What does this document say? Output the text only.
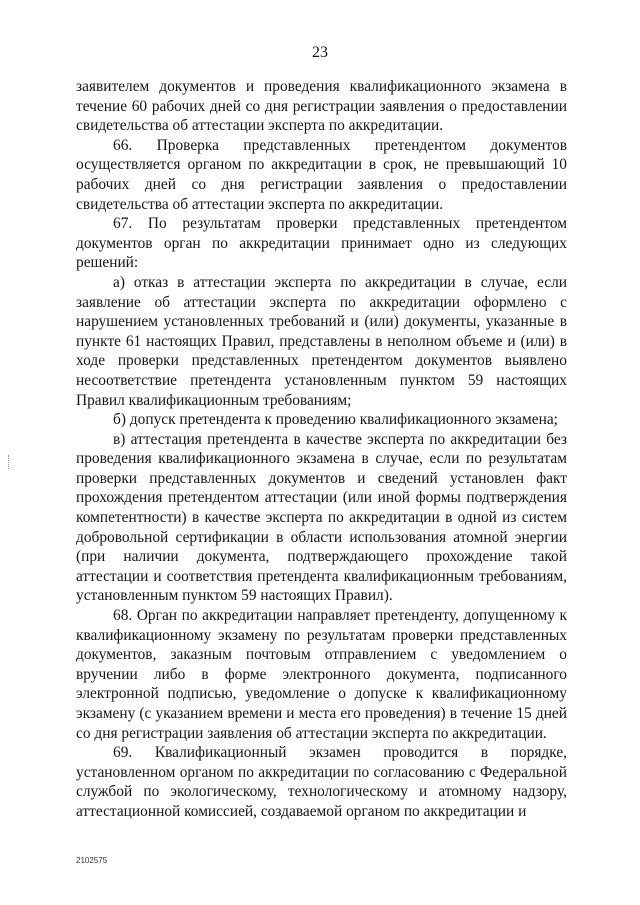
23

заявителем документов и проведения квалификационного экзамена в течение 60 рабочих дней со дня регистрации заявления о предоставлении свидетельства об аттестации эксперта по аккредитации.

66. Проверка представленных претендентом документов осуществляется органом по аккредитации в срок, не превышающий 10 рабочих дней со дня регистрации заявления о предоставлении свидетельства об аттестации эксперта по аккредитации.

67. По результатам проверки представленных претендентом документов орган по аккредитации принимает одно из следующих решений:

а) отказ в аттестации эксперта по аккредитации в случае, если заявление об аттестации эксперта по аккредитации оформлено с нарушением установленных требований и (или) документы, указанные в пункте 61 настоящих Правил, представлены в неполном объеме и (или) в ходе проверки представленных претендентом документов выявлено несоответствие претендента установленным пунктом 59 настоящих Правил квалификационным требованиям;

б) допуск претендента к проведению квалификационного экзамена;

в) аттестация претендента в качестве эксперта по аккредитации без проведения квалификационного экзамена в случае, если по результатам проверки представленных документов и сведений установлен факт прохождения претендентом аттестации (или иной формы подтверждения компетентности) в качестве эксперта по аккредитации в одной из систем добровольной сертификации в области использования атомной энергии (при наличии документа, подтверждающего прохождение такой аттестации и соответствия претендента квалификационным требованиям, установленным пунктом 59 настоящих Правил).

68. Орган по аккредитации направляет претенденту, допущенному к квалификационному экзамену по результатам проверки представленных документов, заказным почтовым отправлением с уведомлением о вручении либо в форме электронного документа, подписанного электронной подписью, уведомление о допуске к квалификационному экзамену (с указанием времени и места его проведения) в течение 15 дней со дня регистрации заявления об аттестации эксперта по аккредитации.

69. Квалификационный экзамен проводится в порядке, установленном органом по аккредитации по согласованию с Федеральной службой по экологическому, технологическому и атомному надзору, аттестационной комиссией, создаваемой органом по аккредитации и

2102575
